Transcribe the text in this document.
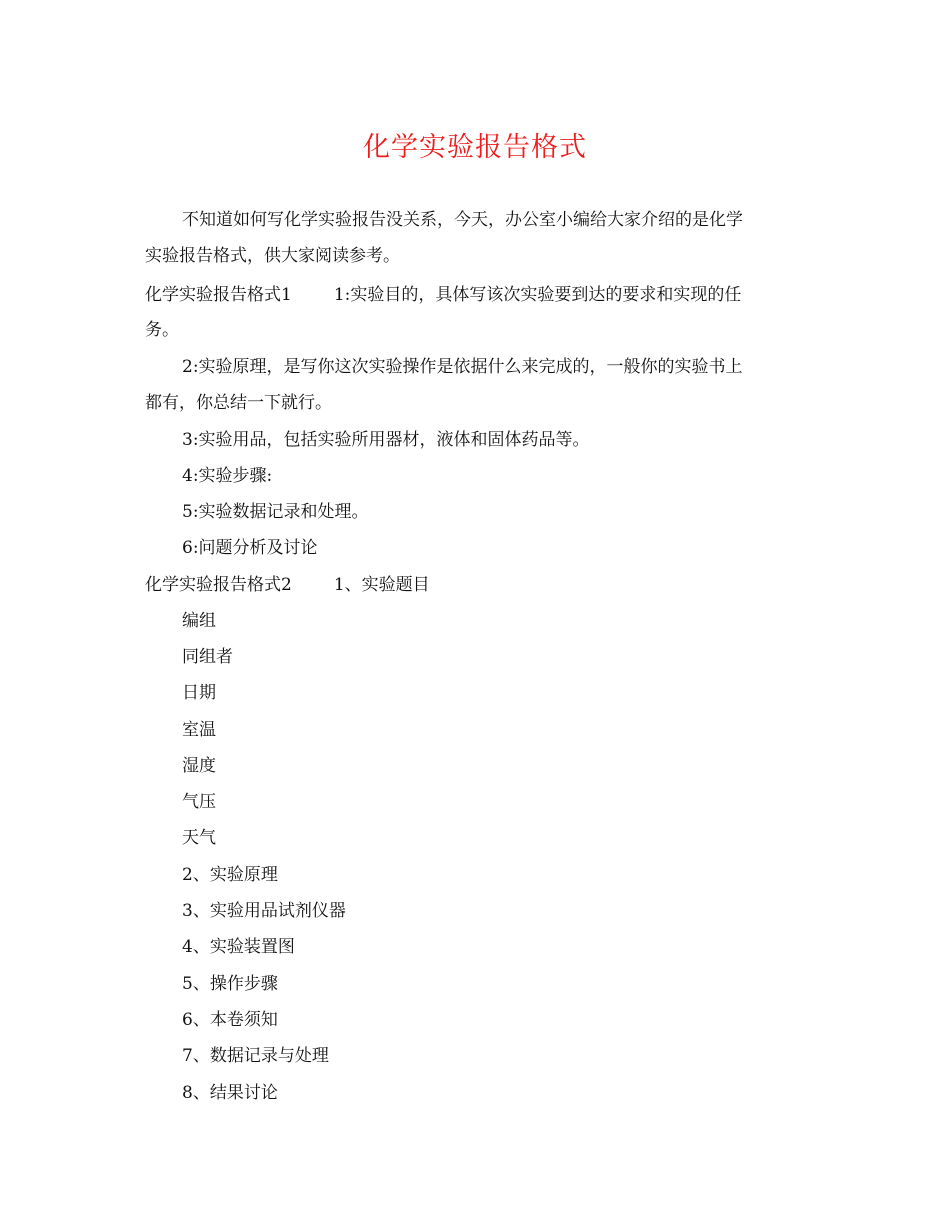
化学实验报告格式
不知道如何写化学实验报告没关系，今天，办公室小编给大家介绍的是化学
实验报告格式，供大家阅读参考。
化学实验报告格式1 1:实验目的，具体写该次实验要到达的要求和实现的任
务。
2:实验原理，是写你这次实验操作是依据什么来完成的，一般你的实验书上
都有，你总结一下就行。
3:实验用品，包括实验所用器材，液体和固体药品等。
4:实验步骤:
5:实验数据记录和处理。
6:问题分析及讨论
化学实验报告格式2 1、实验题目
编组
同组者
日期
室温
湿度
气压
天气
2、实验原理
3、实验用品试剂仪器
4、实验装置图
5、操作步骤
6、本卷须知
7、数据记录与处理
8、结果讨论
